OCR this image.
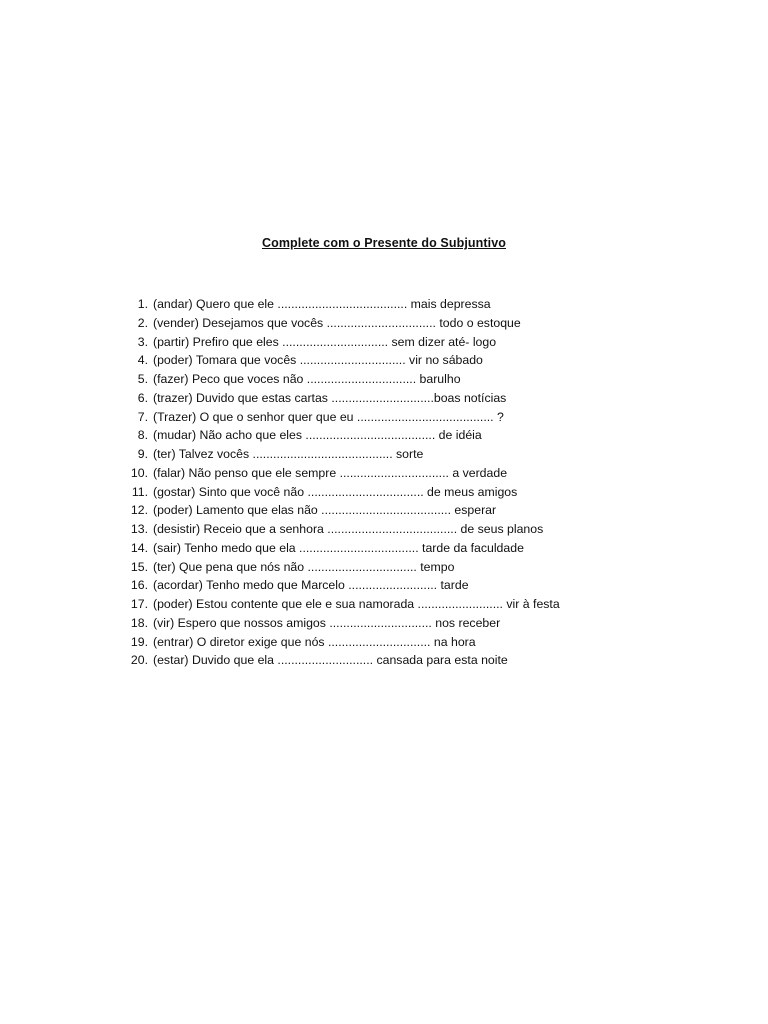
Complete com o Presente do Subjuntivo
1. (andar) Quero que ele ...................................... mais depressa
2. (vender) Desejamos que vocês ................................ todo o estoque
3. (partir) Prefiro que eles ............................... sem dizer até- logo
4. (poder) Tomara que vocês ............................... vir no sábado
5. (fazer) Peco que voces não ................................ barulho
6. (trazer) Duvido que estas cartas ..............................boas notícias
7. (Trazer) O que o senhor quer que eu ........................................ ?
8. (mudar) Não acho que eles ...................................... de idéia
9. (ter) Talvez vocês ......................................... sorte
10. (falar) Não penso que ele sempre ................................ a verdade
11. (gostar) Sinto que você não .................................. de meus amigos
12. (poder) Lamento que elas não ...................................... esperar
13. (desistir) Receio que a senhora ...................................... de seus planos
14. (sair) Tenho medo que ela ................................... tarde da faculdade
15. (ter) Que pena que nós não ................................ tempo
16. (acordar) Tenho medo que Marcelo .......................... tarde
17. (poder) Estou contente que ele e sua namorada ......................... vir à festa
18. (vir) Espero que nossos amigos .............................. nos receber
19. (entrar) O diretor exige que nós .............................. na hora
20. (estar) Duvido que ela ............................ cansada para esta noite
